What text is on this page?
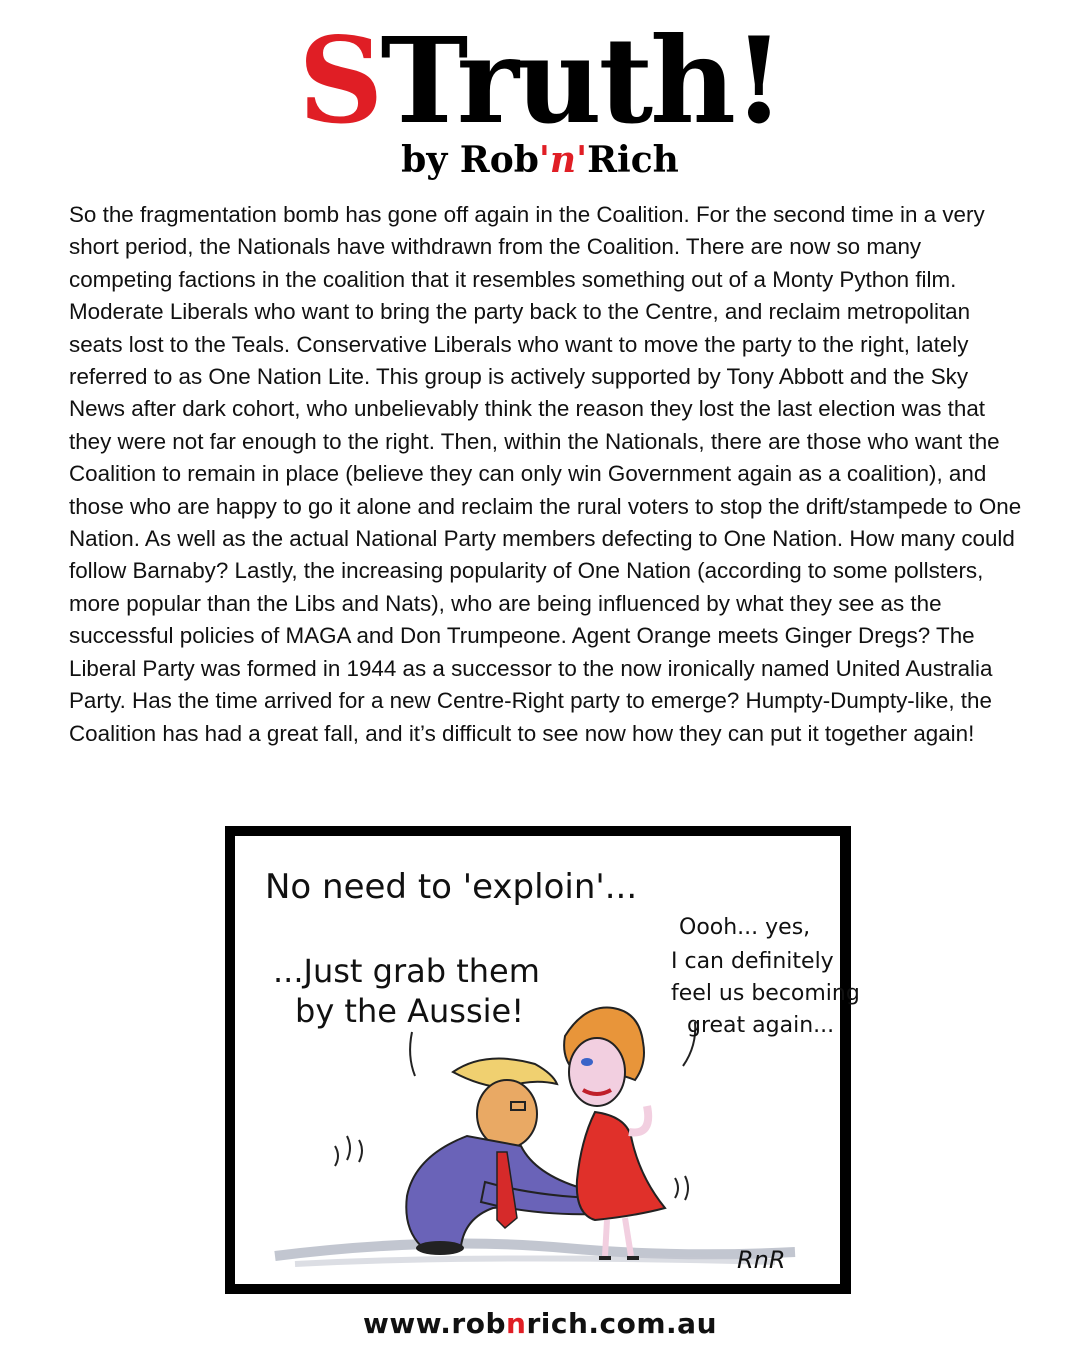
STruth!
by Rob'n'Rich

So the fragmentation bomb has gone off again in the Coalition. For the second time in a very short period, the Nationals have withdrawn from the Coalition. There are now so many competing factions in the coalition that it resembles something out of a Monty Python film. Moderate Liberals who want to bring the party back to the Centre, and reclaim metropolitan seats lost to the Teals. Conservative Liberals who want to move the party to the right, lately referred to as One Nation Lite. This group is actively supported by Tony Abbott and the Sky News after dark cohort, who unbelievably think the reason they lost the last election was that they were not far enough to the right. Then, within the Nationals, there are those who want the Coalition to remain in place (believe they can only win Government again as a coalition), and those who are happy to go it alone and reclaim the rural voters to stop the drift/stampede to One Nation. As well as the actual National Party members defecting to One Nation. How many could follow Barnaby? Lastly, the increasing popularity of One Nation (according to some pollsters, more popular than the Libs and Nats), who are being influenced by what they see as the successful policies of MAGA and Don Trumpeone. Agent Orange meets Ginger Dregs? The Liberal Party was formed in 1944 as a successor to the now ironically named United Australia Party. Has the time arrived for a new Centre-Right party to emerge? Humpty-Dumpty-like, the Coalition has had a great fall, and it’s difficult to see now how they can put it together again!

No need to 'exploin'...
...Just grab them
by the Aussie!
Oooh... yes,
I can definitely
feel us becoming
great again...
RnR
www.robnrich.com.au
